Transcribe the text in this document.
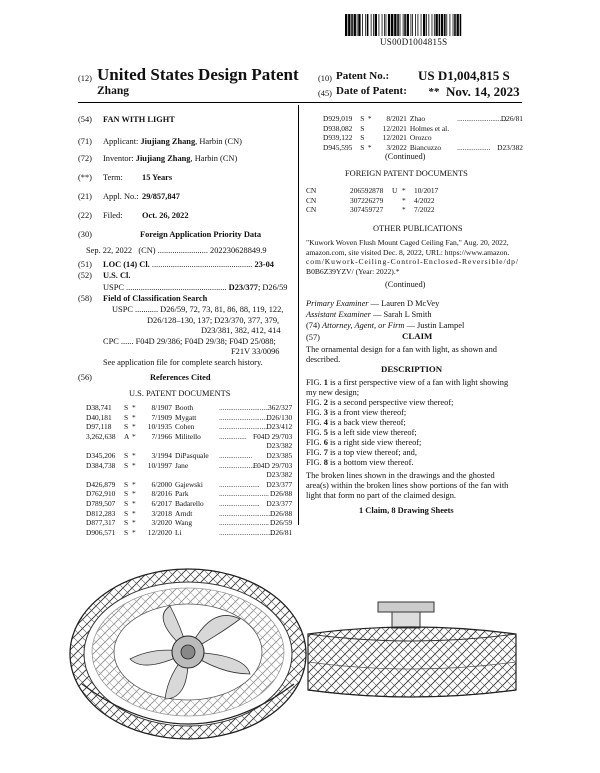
US00D1004815S
(12) United States Design Patent
Zhang
(10) Patent No.: US D1,004,815 S
(45) Date of Patent: ** Nov. 14, 2023
(54) FAN WITH LIGHT
(71) Applicant: Jiujiang Zhang, Harbin (CN)
(72) Inventor: Jiujiang Zhang, Harbin (CN)
(**) Term: 15 Years
(21) Appl. No.: 29/857,847
(22) Filed: Oct. 26, 2022
(30)	Foreign Application Priority Data
Sep. 22, 2022 (CN) ........................ 202230628849.9
(51) LOC (14) Cl. ................................................ 23-04
(52) U.S. Cl.
USPC ................................................ D23/377; D26/59
(58) Field of Classification Search
USPC ........... D26/59, 72, 73, 81, 86, 88, 119, 122,
D26/128–130, 137; D23/370, 377, 379,
D23/381, 382, 412, 414
CPC ...... F04D 29/386; F04D 29/38; F04D 25/088;
F21V 33/0096
See application file for complete search history.
(56)	References Cited
U.S. PATENT DOCUMENTS
D38,741	S	*	8/1907	Booth	...........................	362/327
D40,181	S	*	7/1909	Mygatt	...........................	D26/130
D97,118	S	*	10/1935	Cohen	...........................	D23/412
3,262,638	A	*	7/1966	Militello	...............	F04D 29/703
D23/382						
D345,206	S	*	3/1994	DiPasquale	..................	D23/385
D384,738	S	*	10/1997	Jane	.....................	F04D 29/703
D23/382						
D426,879	S	*	6/2000	Gajewski	......................	D23/377
D762,910	S	*	8/2016	Park	...........................	D26/88
D789,507	S	*	6/2017	Badarello	......................	D23/377
D812,283	S	*	3/2018	Arndt	............................	D26/88
D877,317	S	*	3/2020	Wang	...........................	D26/59
D906,571	S	*	12/2020	Li	..............................	D26/81
D929,019	S	*	8/2021	Zhao	...........................	D26/81
D938,082	S		12/2021	Holmes et al.		
D939,122	S		12/2021	Orozco		
D945,595	S	*	3/2022	Biancuzzo	..................	D23/382
(Continued)
FOREIGN PATENT DOCUMENTS
CN	206592878	U	*	10/2017
CN	307226279		*	4/2022
CN	307459727		*	7/2022
OTHER PUBLICATIONS
"Kuwork Woven Flush Mount Caged Ceiling Fan," Aug. 20, 2022,
amazon.com, site visited Dec. 8, 2022, URL: https://www.amazon.
com/Kuwork-Ceiling-Control-Enclosed-Reversible/dp/
B0B6Z39YZV/ (Year: 2022).*
(Continued)
Primary Examiner — Lauren D McVey
Assistant Examiner — Sarah L Smith
(74) Attorney, Agent, or Firm — Justin Lampel
(57)	CLAIM
The ornamental design for a fan with light, as shown and
described.
DESCRIPTION
FIG. 1 is a first perspective view of a fan with light showing
my new design;
FIG. 2 is a second perspective view thereof;
FIG. 3 is a front view thereof;
FIG. 4 is a back view thereof;
FIG. 5 is a left side view thereof;
FIG. 6 is a right side view thereof;
FIG. 7 is a top view thereof; and,
FIG. 8 is a bottom view thereof.
The broken lines shown in the drawings and the ghosted
area(s) within the broken lines show portions of the fan with
light that form no part of the claimed design.
1 Claim, 8 Drawing Sheets
